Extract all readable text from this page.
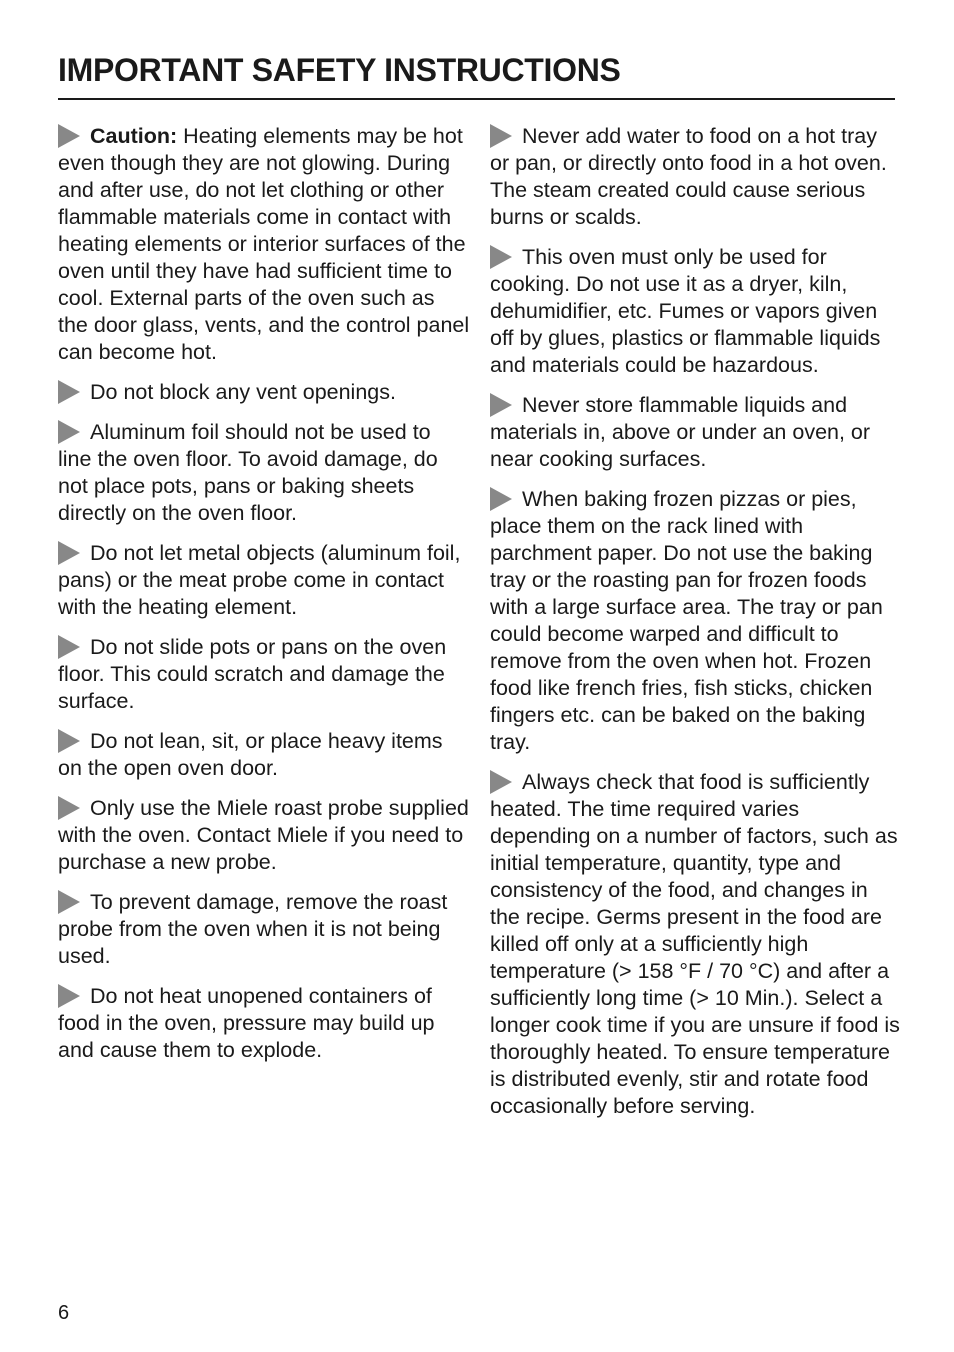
IMPORTANT SAFETY INSTRUCTIONS

Caution: Heating elements may be hot even though they are not glowing. During and after use, do not let clothing or other flammable materials come in contact with heating elements or interior surfaces of the oven until they have had sufficient time to cool. External parts of the oven such as the door glass, vents, and the control panel can become hot.

Do not block any vent openings.

Aluminum foil should not be used to line the oven floor. To avoid damage, do not place pots, pans or baking sheets directly on the oven floor.

Do not let metal objects (aluminum foil, pans) or the meat probe come in contact with the heating element.

Do not slide pots or pans on the oven floor. This could scratch and damage the surface.

Do not lean, sit, or place heavy items on the open oven door.

Only use the Miele roast probe supplied with the oven. Contact Miele if you need to purchase a new probe.

To prevent damage, remove the roast probe from the oven when it is not being used.

Do not heat unopened containers of food in the oven, pressure may build up and cause them to explode.

Never add water to food on a hot tray or pan, or directly onto food in a hot oven. The steam created could cause serious burns or scalds.

This oven must only be used for cooking. Do not use it as a dryer, kiln, dehumidifier, etc. Fumes or vapors given off by glues, plastics or flammable liquids and materials could be hazardous.

Never store flammable liquids and materials in, above or under an oven, or near cooking surfaces.

When baking frozen pizzas or pies, place them on the rack lined with parchment paper. Do not use the baking tray or the roasting pan for frozen foods with a large surface area. The tray or pan could become warped and difficult to remove from the oven when hot. Frozen food like french fries, fish sticks, chicken fingers etc. can be baked on the baking tray.

Always check that food is sufficiently heated. The time required varies depending on a number of factors, such as initial temperature, quantity, type and consistency of the food, and changes in the recipe. Germs present in the food are killed off only at a sufficiently high temperature (> 158 °F / 70 °C) and after a sufficiently long time (> 10 Min.). Select a longer cook time if you are unsure if food is thoroughly heated. To ensure temperature is distributed evenly, stir and rotate food occasionally before serving.

6
